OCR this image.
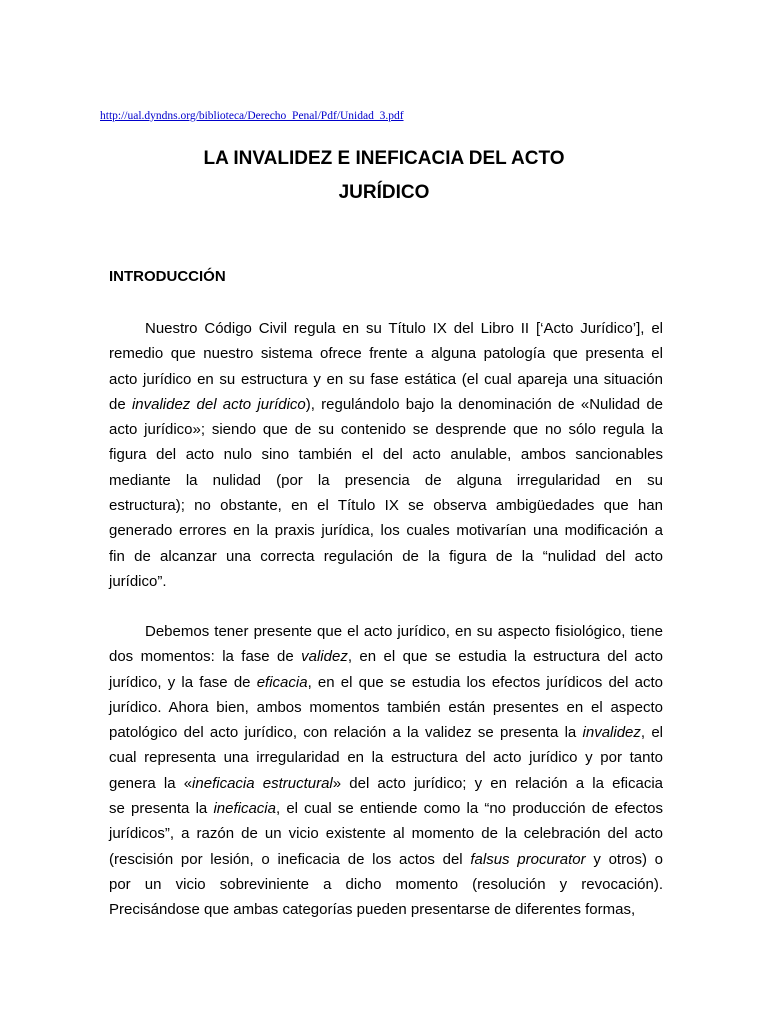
http://ual.dyndns.org/biblioteca/Derecho_Penal/Pdf/Unidad_3.pdf
LA INVALIDEZ E INEFICACIA DEL ACTO
JURÍDICO
INTRODUCCIÓN
Nuestro Código Civil regula en su Título IX del Libro II [‘Acto Jurídico’], el
remedio que nuestro sistema ofrece frente a alguna patología que presenta el
acto jurídico en su estructura y en su fase estática (el cual apareja una situación
de invalidez del acto jurídico), regulándolo bajo la denominación de «Nulidad de
acto jurídico»; siendo que de su contenido se desprende que no sólo regula la
figura del acto nulo sino también el del acto anulable, ambos sancionables
mediante la nulidad (por la presencia de alguna irregularidad en su
estructura); no obstante, en el Título IX se observa ambigüedades que han
generado errores en la praxis jurídica, los cuales motivarían una modificación a
fin de alcanzar una correcta regulación de la figura de la “nulidad del acto
jurídico”.
Debemos tener presente que el acto jurídico, en su aspecto fisiológico, tiene
dos momentos: la fase de validez, en el que se estudia la estructura del acto
jurídico, y la fase de eficacia, en el que se estudia los efectos jurídicos del acto
jurídico. Ahora bien, ambos momentos también están presentes en el aspecto
patológico del acto jurídico, con relación a la validez se presenta la invalidez, el
cual representa una irregularidad en la estructura del acto jurídico y por tanto
genera la «ineficacia estructural» del acto jurídico; y en relación a la eficacia
se presenta la ineficacia, el cual se entiende como la “no producción de efectos
jurídicos”, a razón de un vicio existente al momento de la celebración del acto
(rescisión por lesión, o ineficacia de los actos del falsus procurator y otros) o
por un vicio sobreviniente a dicho momento (resolución y revocación).
Precisándose que ambas categorías pueden presentarse de diferentes formas,
